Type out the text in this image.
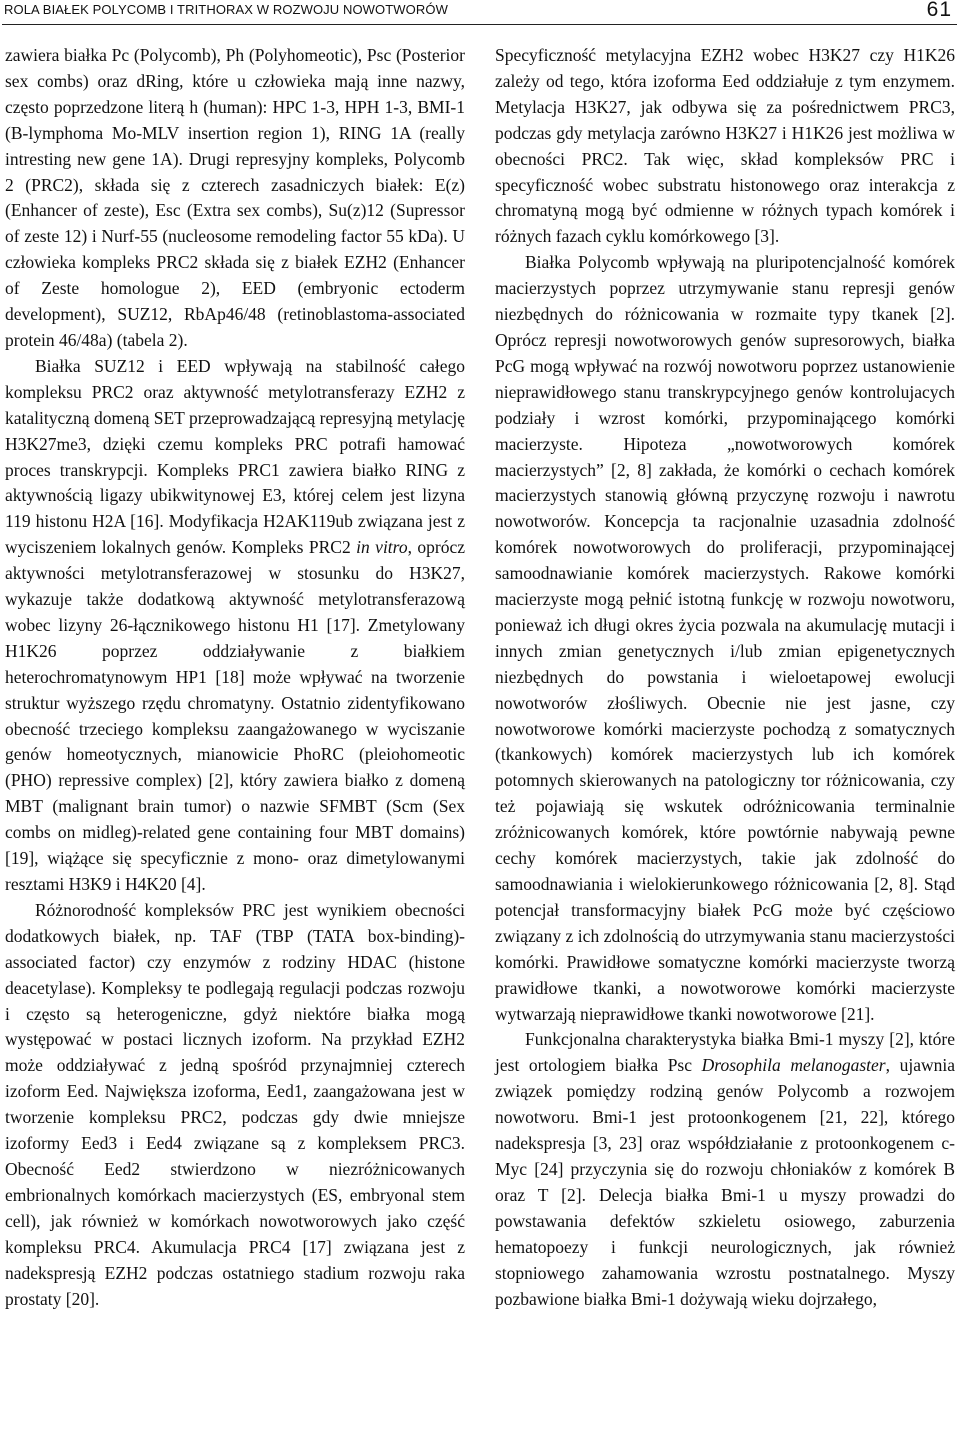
ROLA BIAŁEK POLYCOMB I TRITHORAX W ROZWOJU NOWOTWORÓW	61

zawiera białka Pc (Polycomb), Ph (Polyhomeotic), Psc (Posterior sex combs) oraz dRing, które u człowieka mają inne nazwy, często poprzedzone literą h (human): HPC 1-3, HPH 1-3, BMI-1 (B-lymphoma Mo-MLV insertion region 1), RING 1A (really intresting new gene 1A). Drugi represyjny kompleks, Polycomb 2 (PRC2), składa się z czterech zasadniczych białek: E(z) (Enhancer of zeste), Esc (Extra sex combs), Su(z)12 (Supressor of zeste 12) i Nurf-55 (nucleosome remodeling factor 55 kDa). U człowieka kompleks PRC2 składa się z białek EZH2 (Enhancer of Zeste homologue 2), EED (embryonic ectoderm development), SUZ12, RbAp46/48 (retinoblastoma-associated protein 46/48a) (tabela 2).

Białka SUZ12 i EED wpływają na stabilność całego kompleksu PRC2 oraz aktywność metylotransferazy EZH2 z katalityczną domeną SET przeprowadzającą represyjną metylację H3K27me3, dzięki czemu kompleks PRC potrafi hamować proces transkrypcji. Kompleks PRC1 zawiera białko RING z aktywnością ligazy ubikwitynowej E3, której celem jest lizyna 119 histonu H2A [16]. Modyfikacja H2AK119ub związana jest z wyciszeniem lokalnych genów. Kompleks PRC2 in vitro, oprócz aktywności metylotransferazowej w stosunku do H3K27, wykazuje także dodatkową aktywność metylotransferazową wobec lizyny 26-łącznikowego histonu H1 [17]. Zmetylowany H1K26 poprzez oddziaływanie z białkiem heterochromatynowym HP1 [18] może wpływać na tworzenie struktur wyższego rzędu chromatyny. Ostatnio zidentyfikowano obecność trzeciego kompleksu zaangażowanego w wyciszanie genów homeotycznych, mianowicie PhoRC (pleiohomeotic (PHO) repressive complex) [2], który zawiera białko z domeną MBT (malignant brain tumor) o nazwie SFMBT (Scm (Sex combs on midleg)-related gene containing four MBT domains) [19], wiążące się specyficznie z mono- oraz dimetylowanymi resztami H3K9 i H4K20 [4].

Różnorodność kompleksów PRC jest wynikiem obecności dodatkowych białek, np. TAF (TBP (TATA box-binding)-associated factor) czy enzymów z rodziny HDAC (histone deacetylase). Kompleksy te podlegają regulacji podczas rozwoju i często są heterogeniczne, gdyż niektóre białka mogą występować w postaci licznych izoform. Na przykład EZH2 może oddziaływać z jedną spośród przynajmniej czterech izoform Eed. Największa izoforma, Eed1, zaangażowana jest w tworzenie kompleksu PRC2, podczas gdy dwie mniejsze izoformy Eed3 i Eed4 związane są z kompleksem PRC3. Obecność Eed2 stwierdzono w niezróżnicowanych embrionalnych komórkach macierzystych (ES, embryonal stem cell), jak również w komórkach nowotworowych jako część kompleksu PRC4. Akumulacja PRC4 [17] związana jest z nadekspresją EZH2 podczas ostatniego stadium rozwoju raka prostaty [20].

Specyficzność metylacyjna EZH2 wobec H3K27 czy H1K26 zależy od tego, która izoforma Eed oddziałuje z tym enzymem. Metylacja H3K27, jak odbywa się za pośrednictwem PRC3, podczas gdy metylacja zarówno H3K27 i H1K26 jest możliwa w obecności PRC2. Tak więc, skład kompleksów PRC i specyficzność wobec substratu histonowego oraz interakcja z chromatyną mogą być odmienne w różnych typach komórek i różnych fazach cyklu komórkowego [3].

Białka Polycomb wpływają na pluripotencjalność komórek macierzystych poprzez utrzymywanie stanu represji genów niezbędnych do różnicowania w rozmaite typy tkanek [2]. Oprócz represji nowotworowych genów supresorowych, białka PcG mogą wpływać na rozwój nowotworu poprzez ustanowienie nieprawidłowego stanu transkrypcyjnego genów kontrolujacych podziały i wzrost komórki, przypominającego komórki macierzyste. Hipoteza „nowotworowych komórek macierzystych” [2, 8] zakłada, że komórki o cechach komórek macierzystych stanowią główną przyczynę rozwoju i nawrotu nowotworów. Koncepcja ta racjonalnie uzasadnia zdolność komórek nowotworowych do proliferacji, przypominającej samoodnawianie komórek macierzystych. Rakowe komórki macierzyste mogą pełnić istotną funkcję w rozwoju nowotworu, ponieważ ich długi okres życia pozwala na akumulację mutacji i innych zmian genetycznych i/lub zmian epigenetycznych niezbędnych do powstania i wieloetapowej ewolucji nowotworów złośliwych. Obecnie nie jest jasne, czy nowotworowe komórki macierzyste pochodzą z somatycznych (tkankowych) komórek macierzystych lub ich komórek potomnych skierowanych na patologiczny tor różnicowania, czy też pojawiają się wskutek odróżnicowania terminalnie zróżnicowanych komórek, które powtórnie nabywają pewne cechy komórek macierzystych, takie jak zdolność do samoodnawiania i wielokierunkowego różnicowania [2, 8]. Stąd potencjał transformacyjny białek PcG może być częściowo związany z ich zdolnością do utrzymywania stanu macierzystości komórki. Prawidłowe somatyczne komórki macierzyste tworzą prawidłowe tkanki, a nowotworowe komórki macierzyste wytwarzają nieprawidłowe tkanki nowotworowe [21].

Funkcjonalna charakterystyka białka Bmi-1 myszy [2], które jest ortologiem białka Psc Drosophila melanogaster, ujawnia związek pomiędzy rodziną genów Polycomb a rozwojem nowotworu. Bmi-1 jest protoonkogenem [21, 22], którego nadekspresja [3, 23] oraz współdziałanie z protoonkogenem c-Myc [24] przyczynia się do rozwoju chłoniaków z komórek B oraz T [2]. Delecja białka Bmi-1 u myszy prowadzi do powstawania defektów szkieletu osiowego, zaburzenia hematopoezy i funkcji neurologicznych, jak również stopniowego zahamowania wzrostu postnatalnego. Myszy pozbawione białka Bmi-1 dożywają wieku dojrzałego,
